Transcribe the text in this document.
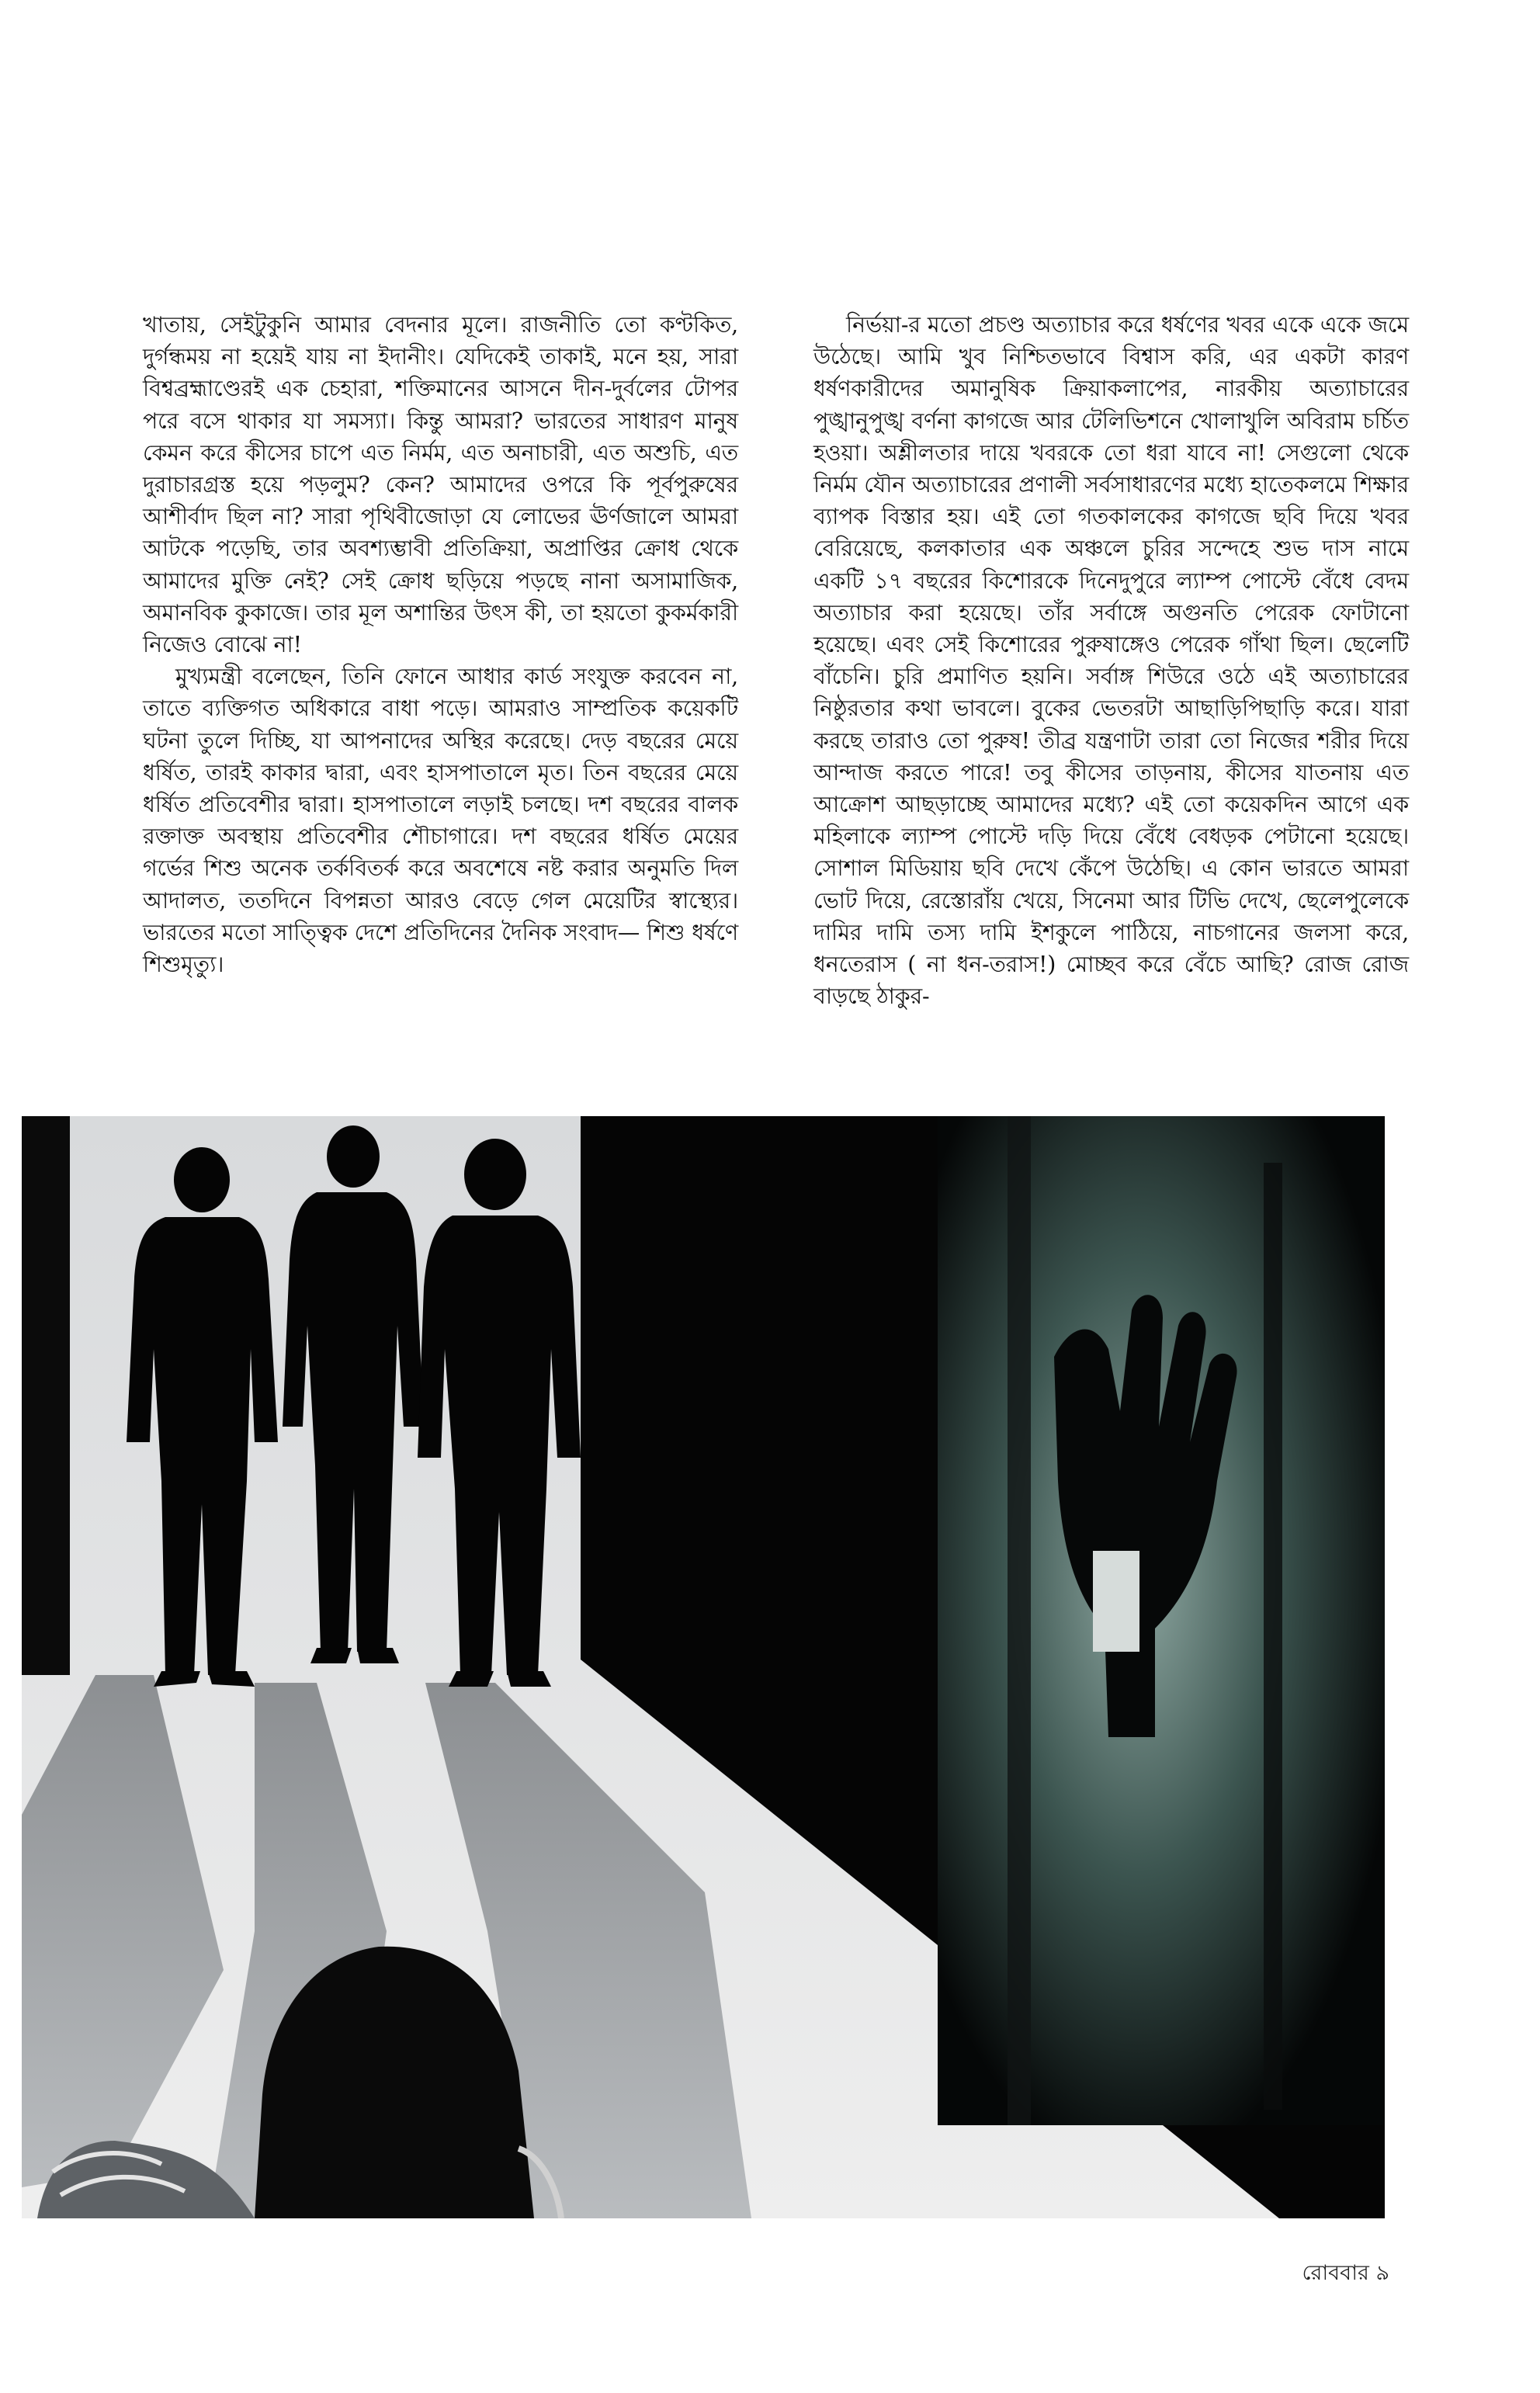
খাতায়, সেইটুকুনি আমার বেদনার মূলে। রাজনীতি তো কণ্টকিত, দুর্গন্ধময় না হয়েই যায় না ইদানীং। যেদিকেই তাকাই, মনে হয়, সারা বিশ্বব্রহ্মাণ্ডেরই এক চেহারা, শক্তিমানের আসনে দীন-দুর্বলের টোপর পরে বসে থাকার যা সমস্যা। কিন্তু আমরা? ভারতের সাধারণ মানুষ কেমন করে কীসের চাপে এত নির্মম, এত অনাচারী, এত অশুচি, এত দুরাচারগ্রস্ত হয়ে পড়লুম? কেন? আমাদের ওপরে কি পূর্বপুরুষের আশীর্বাদ ছিল না? সারা পৃথিবীজোড়া যে লোভের ঊর্ণজালে আমরা আটকে পড়েছি, তার অবশ্যম্ভাবী প্রতিক্রিয়া, অপ্রাপ্তির ক্রোধ থেকে আমাদের মুক্তি নেই? সেই ক্রোধ ছড়িয়ে পড়ছে নানা অসামাজিক, অমানবিক কুকাজে। তার মূল অশান্তির উৎস কী, তা হয়তো কুকর্মকারী নিজেও বোঝে না!

মুখ্যমন্ত্রী বলেছেন, তিনি ফোনে আধার কার্ড সংযুক্ত করবেন না, তাতে ব্যক্তিগত অধিকারে বাধা পড়ে। আমরাও সাম্প্রতিক কয়েকটি ঘটনা তুলে দিচ্ছি, যা আপনাদের অস্থির করেছে। দেড় বছরের মেয়ে ধর্ষিত, তারই কাকার দ্বারা, এবং হাসপাতালে মৃত। তিন বছরের মেয়ে ধর্ষিত প্রতিবেশীর দ্বারা। হাসপাতালে লড়াই চলছে। দশ বছরের বালক রক্তাক্ত অবস্থায় প্রতিবেশীর শৌচাগারে। দশ বছরের ধর্ষিত মেয়ের গর্ভের শিশু অনেক তর্কবিতর্ক করে অবশেষে নষ্ট করার অনুমতি দিল আদালত, ততদিনে বিপন্নতা আরও বেড়ে গেল মেয়েটির স্বাস্থ্যের। ভারতের মতো সাত্ত্বিক দেশে প্রতিদিনের দৈনিক সংবাদ— শিশু ধর্ষণে শিশুমৃত্যু।

নির্ভয়া-র মতো প্রচণ্ড অত্যাচার করে ধর্ষণের খবর একে একে জমে উঠেছে। আমি খুব নিশ্চিতভাবে বিশ্বাস করি, এর একটা কারণ ধর্ষণকারীদের অমানুষিক ক্রিয়াকলাপের, নারকীয় অত্যাচারের পুঙ্খানুপুঙ্খ বর্ণনা কাগজে আর টেলিভিশনে খোলাখুলি অবিরাম চর্চিত হওয়া। অশ্লীলতার দায়ে খবরকে তো ধরা যাবে না! সেগুলো থেকে নির্মম যৌন অত্যাচারের প্রণালী সর্বসাধারণের মধ্যে হাতেকলমে শিক্ষার ব্যাপক বিস্তার হয়। এই তো গতকালকের কাগজে ছবি দিয়ে খবর বেরিয়েছে, কলকাতার এক অঞ্চলে চুরির সন্দেহে শুভ দাস নামে একটি ১৭ বছরের কিশোরকে দিনেদুপুরে ল্যাম্প পোস্টে বেঁধে বেদম অত্যাচার করা হয়েছে। তাঁর সর্বাঙ্গে অগুনতি পেরেক ফোটানো হয়েছে। এবং সেই কিশোরের পুরুষাঙ্গেও পেরেক গাঁথা ছিল। ছেলেটি বাঁচেনি। চুরি প্রমাণিত হয়নি। সর্বাঙ্গ শিউরে ওঠে এই অত্যাচারের নিষ্ঠুরতার কথা ভাবলে। বুকের ভেতরটা আছাড়িপিছাড়ি করে। যারা করছে তারাও তো পুরুষ! তীব্র যন্ত্রণাটা তারা তো নিজের শরীর দিয়ে আন্দাজ করতে পারে! তবু কীসের তাড়নায়, কীসের যাতনায় এত আক্রোশ আছড়াচ্ছে আমাদের মধ্যে? এই তো কয়েকদিন আগে এক মহিলাকে ল্যাম্প পোস্টে দড়ি দিয়ে বেঁধে বেধড়ক পেটানো হয়েছে। সোশাল মিডিয়ায় ছবি দেখে কেঁপে উঠেছি। এ কোন ভারতে আমরা ভোট দিয়ে, রেস্তোরাঁয় খেয়ে, সিনেমা আর টিভি দেখে, ছেলেপুলেকে দামির দামি তস্য দামি ইশকুলে পাঠিয়ে, নাচগানের জলসা করে, ধনতেরাস ( না ধন-তরাস!) মোচ্ছব করে বেঁচে আছি? রোজ রোজ বাড়ছে ঠাকুর-

রোববার ৯
